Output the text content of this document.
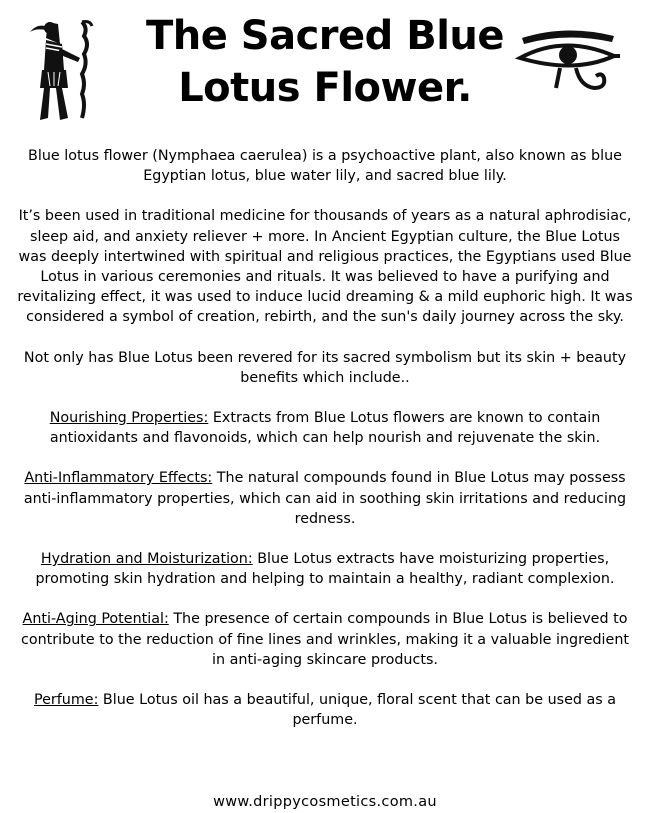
The Sacred Blue
Lotus Flower.

Blue lotus flower (Nymphaea caerulea) is a psychoactive plant, also known as blue Egyptian lotus, blue water lily, and sacred blue lily.

It’s been used in traditional medicine for thousands of years as a natural aphrodisiac, sleep aid, and anxiety reliever + more. In Ancient Egyptian culture, the Blue Lotus was deeply intertwined with spiritual and religious practices, the Egyptians used Blue Lotus in various ceremonies and rituals. It was believed to have a purifying and revitalizing effect, it was used to induce lucid dreaming & a mild euphoric high. It was considered a symbol of creation, rebirth, and the sun's daily journey across the sky.

Not only has Blue Lotus been revered for its sacred symbolism but its skin + beauty benefits which include..

Nourishing Properties: Extracts from Blue Lotus flowers are known to contain antioxidants and flavonoids, which can help nourish and rejuvenate the skin.

Anti-Inflammatory Effects: The natural compounds found in Blue Lotus may possess anti-inflammatory properties, which can aid in soothing skin irritations and reducing redness.

Hydration and Moisturization: Blue Lotus extracts have moisturizing properties, promoting skin hydration and helping to maintain a healthy, radiant complexion.

Anti-Aging Potential: The presence of certain compounds in Blue Lotus is believed to contribute to the reduction of fine lines and wrinkles, making it a valuable ingredient in anti-aging skincare products.

Perfume: Blue Lotus oil has a beautiful, unique, floral scent that can be used as a perfume.

www.drippycosmetics.com.au
